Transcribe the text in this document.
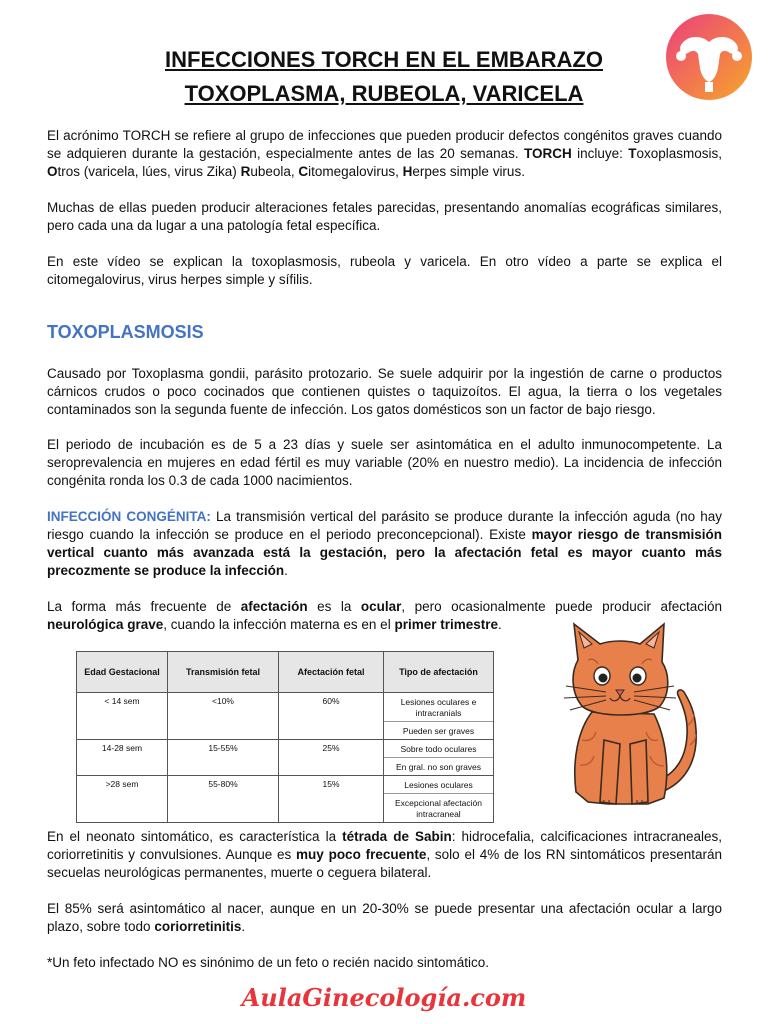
INFECCIONES TORCH EN EL EMBARAZO
TOXOPLASMA, RUBEOLA, VARICELA

El acrónimo TORCH se refiere al grupo de infecciones que pueden producir defectos congénitos graves cuando se adquieren durante la gestación, especialmente antes de las 20 semanas. TORCH incluye: Toxoplasmosis, Otros (varicela, lúes, virus Zika) Rubeola, Citomegalovirus, Herpes simple virus.

Muchas de ellas pueden producir alteraciones fetales parecidas, presentando anomalías ecográficas similares, pero cada una da lugar a una patología fetal específica.

En este vídeo se explican la toxoplasmosis, rubeola y varicela. En otro vídeo a parte se explica el citomegalovirus, virus herpes simple y sífilis.

TOXOPLASMOSIS

Causado por Toxoplasma gondii, parásito protozario. Se suele adquirir por la ingestión de carne o productos cárnicos crudos o poco cocinados que contienen quistes o taquizoítos. El agua, la tierra o los vegetales contaminados son la segunda fuente de infección. Los gatos domésticos son un factor de bajo riesgo.

El periodo de incubación es de 5 a 23 días y suele ser asintomática en el adulto inmunocompetente. La seroprevalencia en mujeres en edad fértil es muy variable (20% en nuestro medio). La incidencia de infección congénita ronda los 0.3 de cada 1000 nacimientos.

INFECCIÓN CONGÉNITA: La transmisión vertical del parásito se produce durante la infección aguda (no hay riesgo cuando la infección se produce en el periodo preconcepcional). Existe mayor riesgo de transmisión vertical cuanto más avanzada está la gestación, pero la afectación fetal es mayor cuanto más precozmente se produce la infección.

La forma más frecuente de afectación es la ocular, pero ocasionalmente puede producir afectación neurológica grave, cuando la infección materna es en el primer trimestre.

Edad Gestacional	Transmisión fetal	Afectación fetal	Tipo de afectación
< 14 sem	<10%	60%	Lesiones oculares e intracranials
Pueden ser graves

14-28 sem	15-55%	25%	Sobre todo oculares
En gral. no son graves

>28 sem	55-80%	15%	Lesiones oculares
Excepcional afectación intracraneal

En el neonato sintomático, es característica la tétrada de Sabin: hidrocefalia, calcificaciones intracraneales, coriorretinitis y convulsiones. Aunque es muy poco frecuente, solo el 4% de los RN sintomáticos presentarán secuelas neurológicas permanentes, muerte o ceguera bilateral.

El 85% será asintomático al nacer, aunque en un 20-30% se puede presentar una afectación ocular a largo plazo, sobre todo coriorretinitis.

*Un feto infectado NO es sinónimo de un feto o recién nacido sintomático.

AulaGinecología.com
